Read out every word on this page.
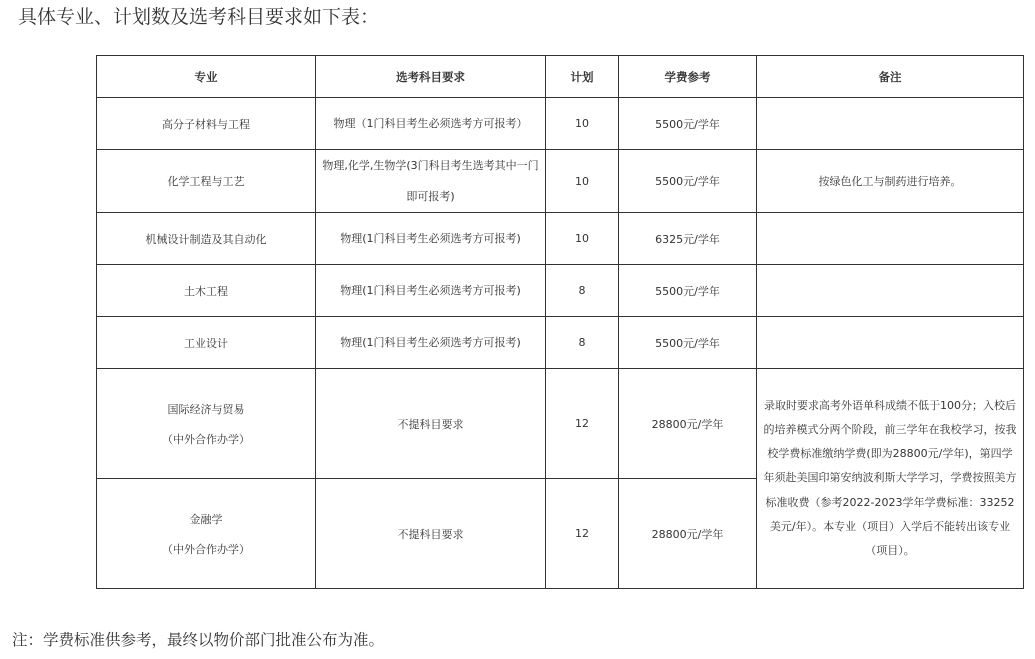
具体专业、计划数及选考科目要求如下表：
专业	选考科目要求	计划	学费参考	备注
高分子材料与工程	物理（1门科目考生必须选考方可报考）	10	5500元/学年	
化学工程与工艺	物理,化学,生物学(3门科目考生选考其中一门即可报考)	10	5500元/学年	按绿色化工与制药进行培养。
机械设计制造及其自动化	物理(1门科目考生必须选考方可报考)	10	6325元/学年	
土木工程	物理(1门科目考生必须选考方可报考)	8	5500元/学年	
工业设计	物理(1门科目考生必须选考方可报考)	8	5500元/学年	

国际经济与贸易
（中外合作办学）	不提科目要求	12	28800元/学年	录取时要求高考外语单科成绩不低于100分；入校后的培养模式分两个阶段，前三学年在我校学习，按我校学费标准缴纳学费(即为28800元/学年)，第四学年须赴美国印第安纳波利斯大学学习，学费按照美方标准收费（参考2022-2023学年学费标准：33252美元/年）。本专业（项目）入学后不能转出该专业（项目）。

金融学
（中外合作办学）	不提科目要求	12	28800元/学年	

注：学费标准供参考，最终以物价部门批准公布为准。
